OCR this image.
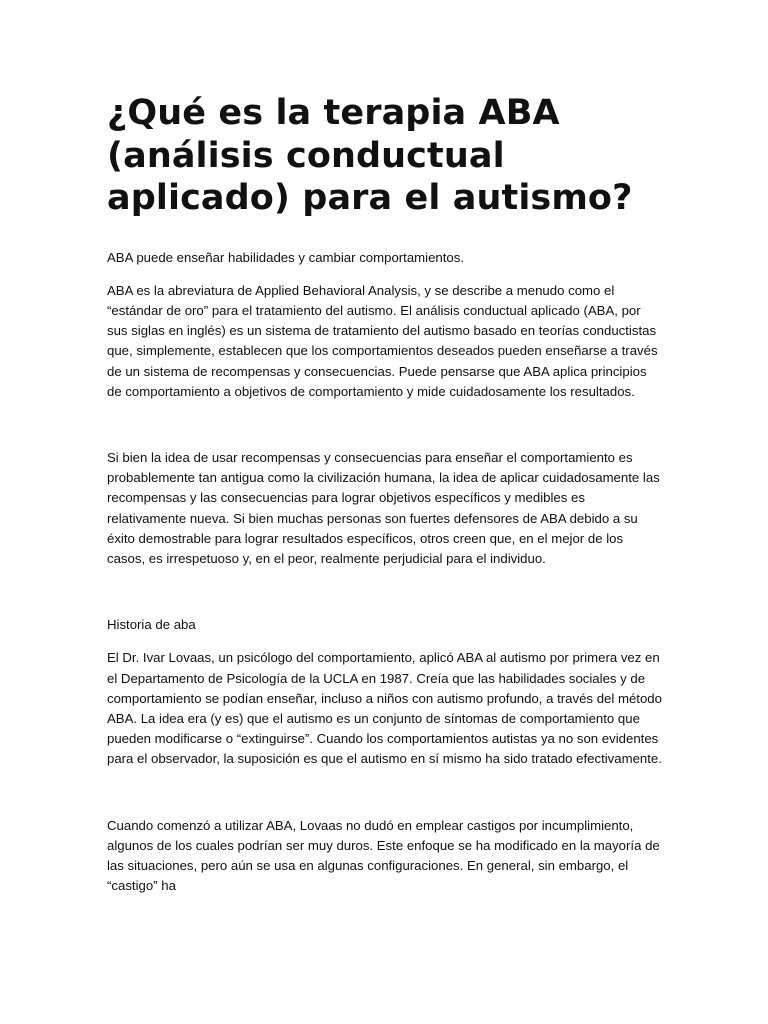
¿Qué es la terapia ABA (análisis conductual aplicado) para el autismo?

ABA puede enseñar habilidades y cambiar comportamientos.

ABA es la abreviatura de Applied Behavioral Analysis, y se describe a menudo como el “estándar de oro” para el tratamiento del autismo. El análisis conductual aplicado (ABA, por sus siglas en inglés) es un sistema de tratamiento del autismo basado en teorías conductistas que, simplemente, establecen que los comportamientos deseados pueden enseñarse a través de un sistema de recompensas y consecuencias. Puede pensarse que ABA aplica principios de comportamiento a objetivos de comportamiento y mide cuidadosamente los resultados.

Si bien la idea de usar recompensas y consecuencias para enseñar el comportamiento es probablemente tan antigua como la civilización humana, la idea de aplicar cuidadosamente las recompensas y las consecuencias para lograr objetivos específicos y medibles es relativamente nueva. Si bien muchas personas son fuertes defensores de ABA debido a su éxito demostrable para lograr resultados específicos, otros creen que, en el mejor de los casos, es irrespetuoso y, en el peor, realmente perjudicial para el individuo.

Historia de aba

El Dr. Ivar Lovaas, un psicólogo del comportamiento, aplicó ABA al autismo por primera vez en el Departamento de Psicología de la UCLA en 1987. Creía que las habilidades sociales y de comportamiento se podían enseñar, incluso a niños con autismo profundo, a través del método ABA. La idea era (y es) que el autismo es un conjunto de síntomas de comportamiento que pueden modificarse o “extinguirse”. Cuando los comportamientos autistas ya no son evidentes para el observador, la suposición es que el autismo en sí mismo ha sido tratado efectivamente.

Cuando comenzó a utilizar ABA, Lovaas no dudó en emplear castigos por incumplimiento, algunos de los cuales podrían ser muy duros. Este enfoque se ha modificado en la mayoría de las situaciones, pero aún se usa en algunas configuraciones. En general, sin embargo, el “castigo” ha
